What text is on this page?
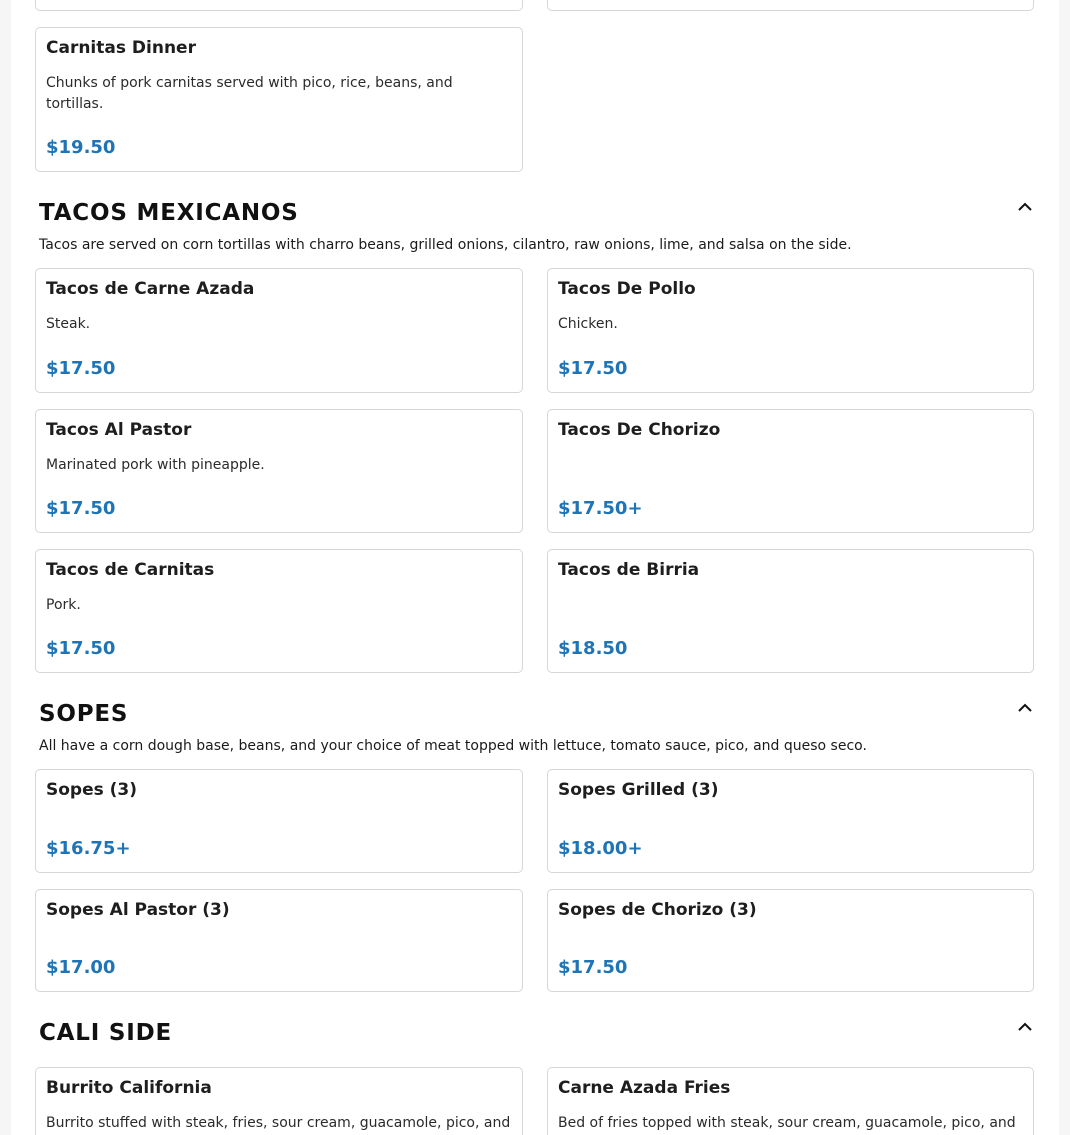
Carnitas Dinner
Chunks of pork carnitas served with pico, rice, beans, and tortillas.
$19.50
TACOS MEXICANOS
Tacos are served on corn tortillas with charro beans, grilled onions, cilantro, raw onions, lime, and salsa on the side.
Tacos de Carne Azada
Steak.
$17.50
Tacos De Pollo
Chicken.
$17.50
Tacos Al Pastor
Marinated pork with pineapple.
$17.50
Tacos De Chorizo
$17.50+
Tacos de Carnitas
Pork.
$17.50
Tacos de Birria
$18.50
SOPES
All have a corn dough base, beans, and your choice of meat topped with lettuce, tomato sauce, pico, and queso seco.
Sopes (3)
$16.75+
Sopes Grilled (3)
$18.00+
Sopes Al Pastor (3)
$17.00
Sopes de Chorizo (3)
$17.50
CALI SIDE
Burrito California
Burrito stuffed with steak, fries, sour cream, guacamole, pico, and
Carne Azada Fries
Bed of fries topped with steak, sour cream, guacamole, pico, and
